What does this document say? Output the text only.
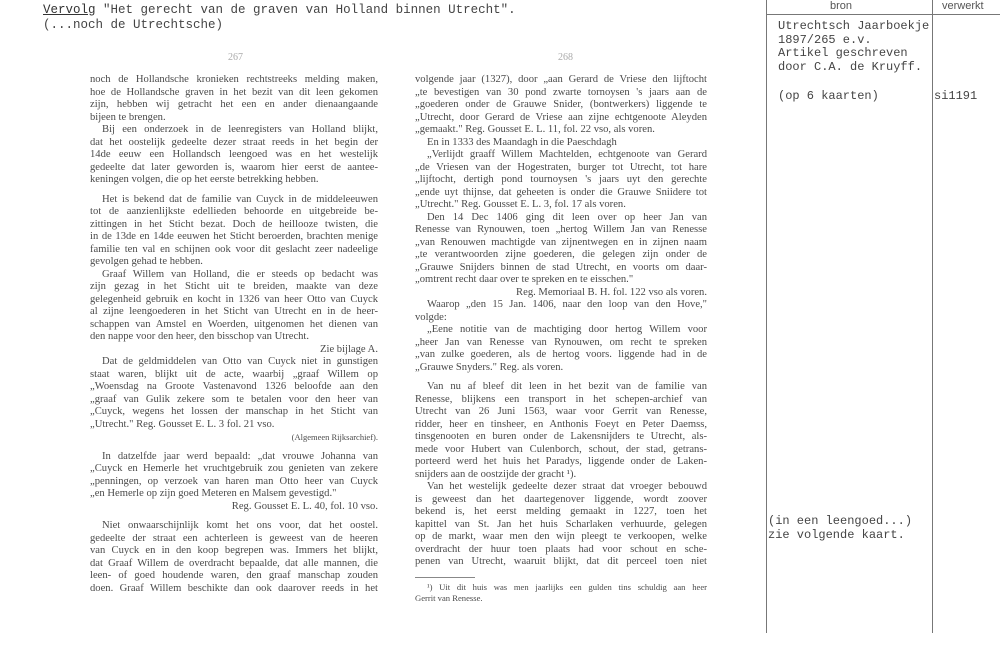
Vervolg "Het gerecht van de graven van Holland binnen Utrecht".
(...noch de Utrechtsche)
267	268
noch de Hollandsche kronieken rechtstreeks melding maken,
hoe de Hollandsche graven in het bezit van dit leen gekomen
zijn, hebben wij getracht het een en ander dienaangaande
bijeen te brengen.
Bij een onderzoek in de leenregisters van Holland blijkt,
dat het oostelijk gedeelte dezer straat reeds in het begin der
14de eeuw een Hollandsch leengoed was en het westelijk
gedeelte dat later geworden is, waarom hier eerst de aantee-
keningen volgen, die op het eerste betrekking hebben.
Het is bekend dat de familie van Cuyck in de middeleeuwen
tot de aanzienlijkste edellieden behoorde en uitgebreide be-
zittingen in het Sticht bezat. Doch de heillooze twisten, die
in de 13de en 14de eeuwen het Sticht beroerden, brachten menige
familie ten val en schijnen ook voor dit geslacht zeer nadeelige
gevolgen gehad te hebben.
Graaf Willem van Holland, die er steeds op bedacht was
zijn gezag in het Sticht uit te breiden, maakte van deze
gelegenheid gebruik en kocht in 1326 van heer Otto van Cuyck
al zijne leengoederen in het Sticht van Utrecht en in de heer-
schappen van Amstel en Woerden, uitgenomen het dienen van
den nappe voor den heer, den bisschop van Utrecht.
Zie bijlage A.
Dat de geldmiddelen van Otto van Cuyck niet in gunstigen
staat waren, blijkt uit de acte, waarbij „graaf Willem op
„Woensdag na Groote Vastenavond 1326 beloofde aan den
„graaf van Gulik zekere som te betalen voor den heer van
„Cuyck, wegens het lossen der manschap in het Sticht van
„Utrecht." Reg. Gousset E. L. 3 fol. 21 vso.
(Algemeen Rijksarchief).
In datzelfde jaar werd bepaald: „dat vrouwe Johanna van
„Cuyck en Hemerle het vruchtgebruik zou genieten van zekere
„penningen, op verzoek van haren man Otto heer van Cuyck
„en Hemerle op zijn goed Meteren en Malsem gevestigd."
Reg. Gousset E. L. 40, fol. 10 vso.
Niet onwaarschijnlijk komt het ons voor, dat het oostel.
gedeelte der straat een achterleen is geweest van de heeren
van Cuyck en in den koop begrepen was. Immers het blijkt,
dat Graaf Willem de overdracht bepaalde, dat alle mannen, die
leen- of goed houdende waren, den graaf manschap zouden
doen. Graaf Willem beschikte dan ook daarover reeds in het
volgende jaar (1327), door „aan Gerard de Vriese den lijftocht
„te bevestigen van 30 pond zwarte tornoysen 's jaars aan de
„goederen onder de Grauwe Snider, (bontwerkers) liggende te
„Utrecht, door Gerard de Vriese aan zijne echtgenoote Aleyden
„gemaakt." Reg. Gousset E. L. 11, fol. 22 vso, als voren.
En in 1333 des Maandagh in die Paeschdagh
„Verlijdt graaff Willem Machtelden, echtgenoote van Gerard
„de Vriesen van der Hogestraten, burger tot Utrecht, tot hare
„lijftocht, dertigh pond tournoysen 's jaars uyt den gerechte
„ende uyt thijnse, dat geheeten is onder die Grauwe Sniidere tot
„Utrecht." Reg. Gousset E. L. 3, fol. 17 als voren.
Den 14 Dec 1406 ging dit leen over op heer Jan van
Renesse van Rynouwen, toen „hertog Willem Jan van Renesse
„van Renouwen machtigde van zijnentwegen en in zijnen naam
„te verantwoorden zijne goederen, die gelegen zijn onder de
„Grauwe Snijders binnen de stad Utrecht, en voorts om daar-
„omtrent recht daar over te spreken en te eisschen."
Reg. Memoriaal B. H. fol. 122 vso als voren.
Waarop „den 15 Jan. 1406, naar den loop van den Hove,"
volgde:
„Eene notitie van de machtiging door hertog Willem voor
„heer Jan van Renesse van Rynouwen, om recht te spreken
„van zulke goederen, als de hertog voors. liggende had in de
„Grauwe Snyders." Reg. als voren.
Van nu af bleef dit leen in het bezit van de familie van
Renesse, blijkens een transport in het schepen-archief van
Utrecht van 26 Juni 1563, waar voor Gerrit van Renesse,
ridder, heer en tinsheer, en Anthonis Foeyt en Peter Daemss,
tinsgenooten en buren onder de Lakensnijders te Utrecht, als-
mede voor Hubert van Culenborch, schout, der stad, getrans-
porteerd werd het huis het Paradys, liggende onder de Laken-
snijders aan de oostzijde der gracht ¹).
Van het westelijk gedeelte dezer straat dat vroeger bebouwd
is geweest dan het daartegenover liggende, wordt zoover
bekend is, het eerst melding gemaakt in 1227, toen het
kapittel van St. Jan het huis Scharlaken verhuurde, gelegen
op de markt, waar men den wijn pleegt te verkoopen, welke
overdracht der huur toen plaats had voor schout en sche-
penen van Utrecht, waaruit blijkt, dat dit perceel toen niet
¹) Uit dit huis was men jaarlijks een gulden tins schuldig aan heer
Gerrit van Renesse.
bron	verwerkt
Utrechtsch Jaarboekje
1897/265 e.v.
Artikel geschreven
door C.A. de Kruyff.
(op 6 kaarten)	si1191
(in een leengoed...)
zie volgende kaart.
